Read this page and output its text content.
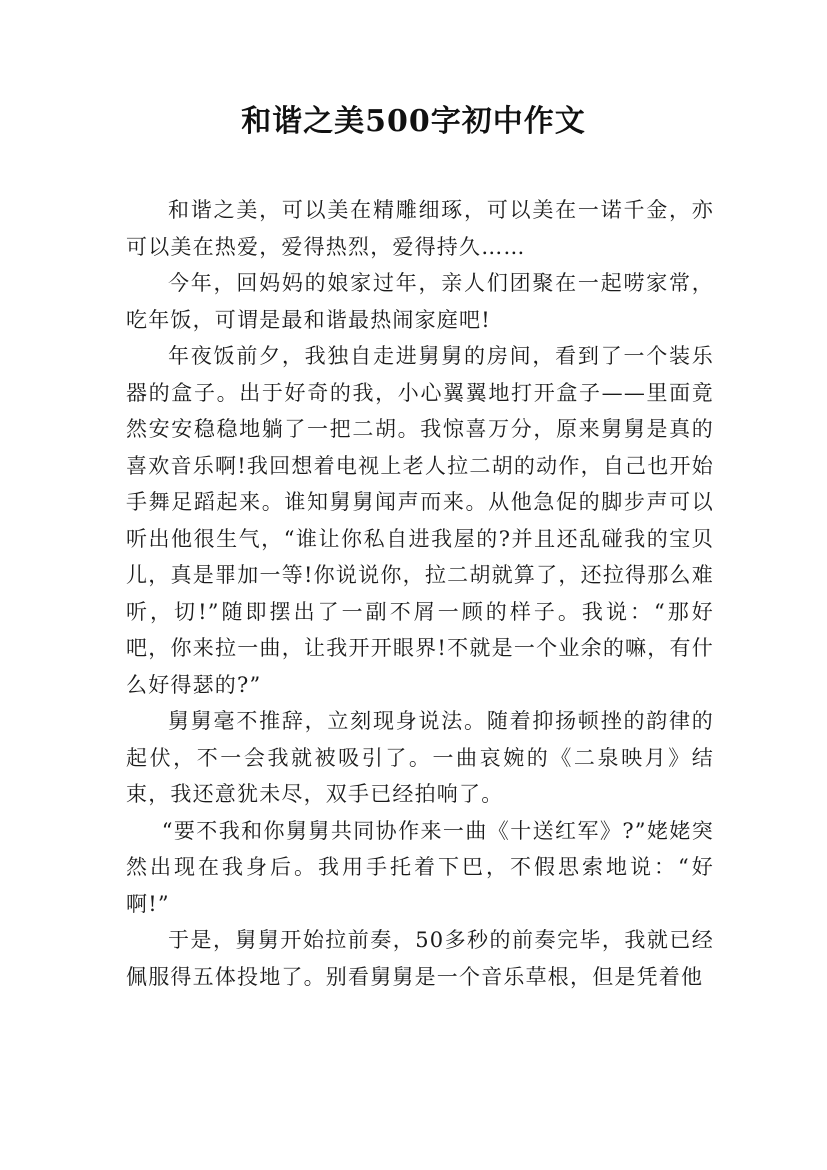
和谐之美500字初中作文

和谐之美，可以美在精雕细琢，可以美在一诺千金，亦可以美在热爱，爱得热烈，爱得持久……

今年，回妈妈的娘家过年，亲人们团聚在一起唠家常，吃年饭，可谓是最和谐最热闹家庭吧!

年夜饭前夕，我独自走进舅舅的房间，看到了一个装乐器的盒子。出于好奇的我，小心翼翼地打开盒子——里面竟然安安稳稳地躺了一把二胡。我惊喜万分，原来舅舅是真的喜欢音乐啊!我回想着电视上老人拉二胡的动作，自己也开始手舞足蹈起来。谁知舅舅闻声而来。从他急促的脚步声可以听出他很生气，“谁让你私自进我屋的?并且还乱碰我的宝贝儿，真是罪加一等!你说说你，拉二胡就算了，还拉得那么难听，切!”随即摆出了一副不屑一顾的样子。我说：“那好吧，你来拉一曲，让我开开眼界!不就是一个业余的嘛，有什么好得瑟的?”

舅舅毫不推辞，立刻现身说法。随着抑扬顿挫的韵律的起伏，不一会我就被吸引了。一曲哀婉的《二泉映月》结束，我还意犹未尽，双手已经拍响了。

“要不我和你舅舅共同协作来一曲《十送红军》?”姥姥突然出现在我身后。我用手托着下巴，不假思索地说：“好啊!”

于是，舅舅开始拉前奏，50多秒的前奏完毕，我就已经佩服得五体投地了。别看舅舅是一个音乐草根，但是凭着他
